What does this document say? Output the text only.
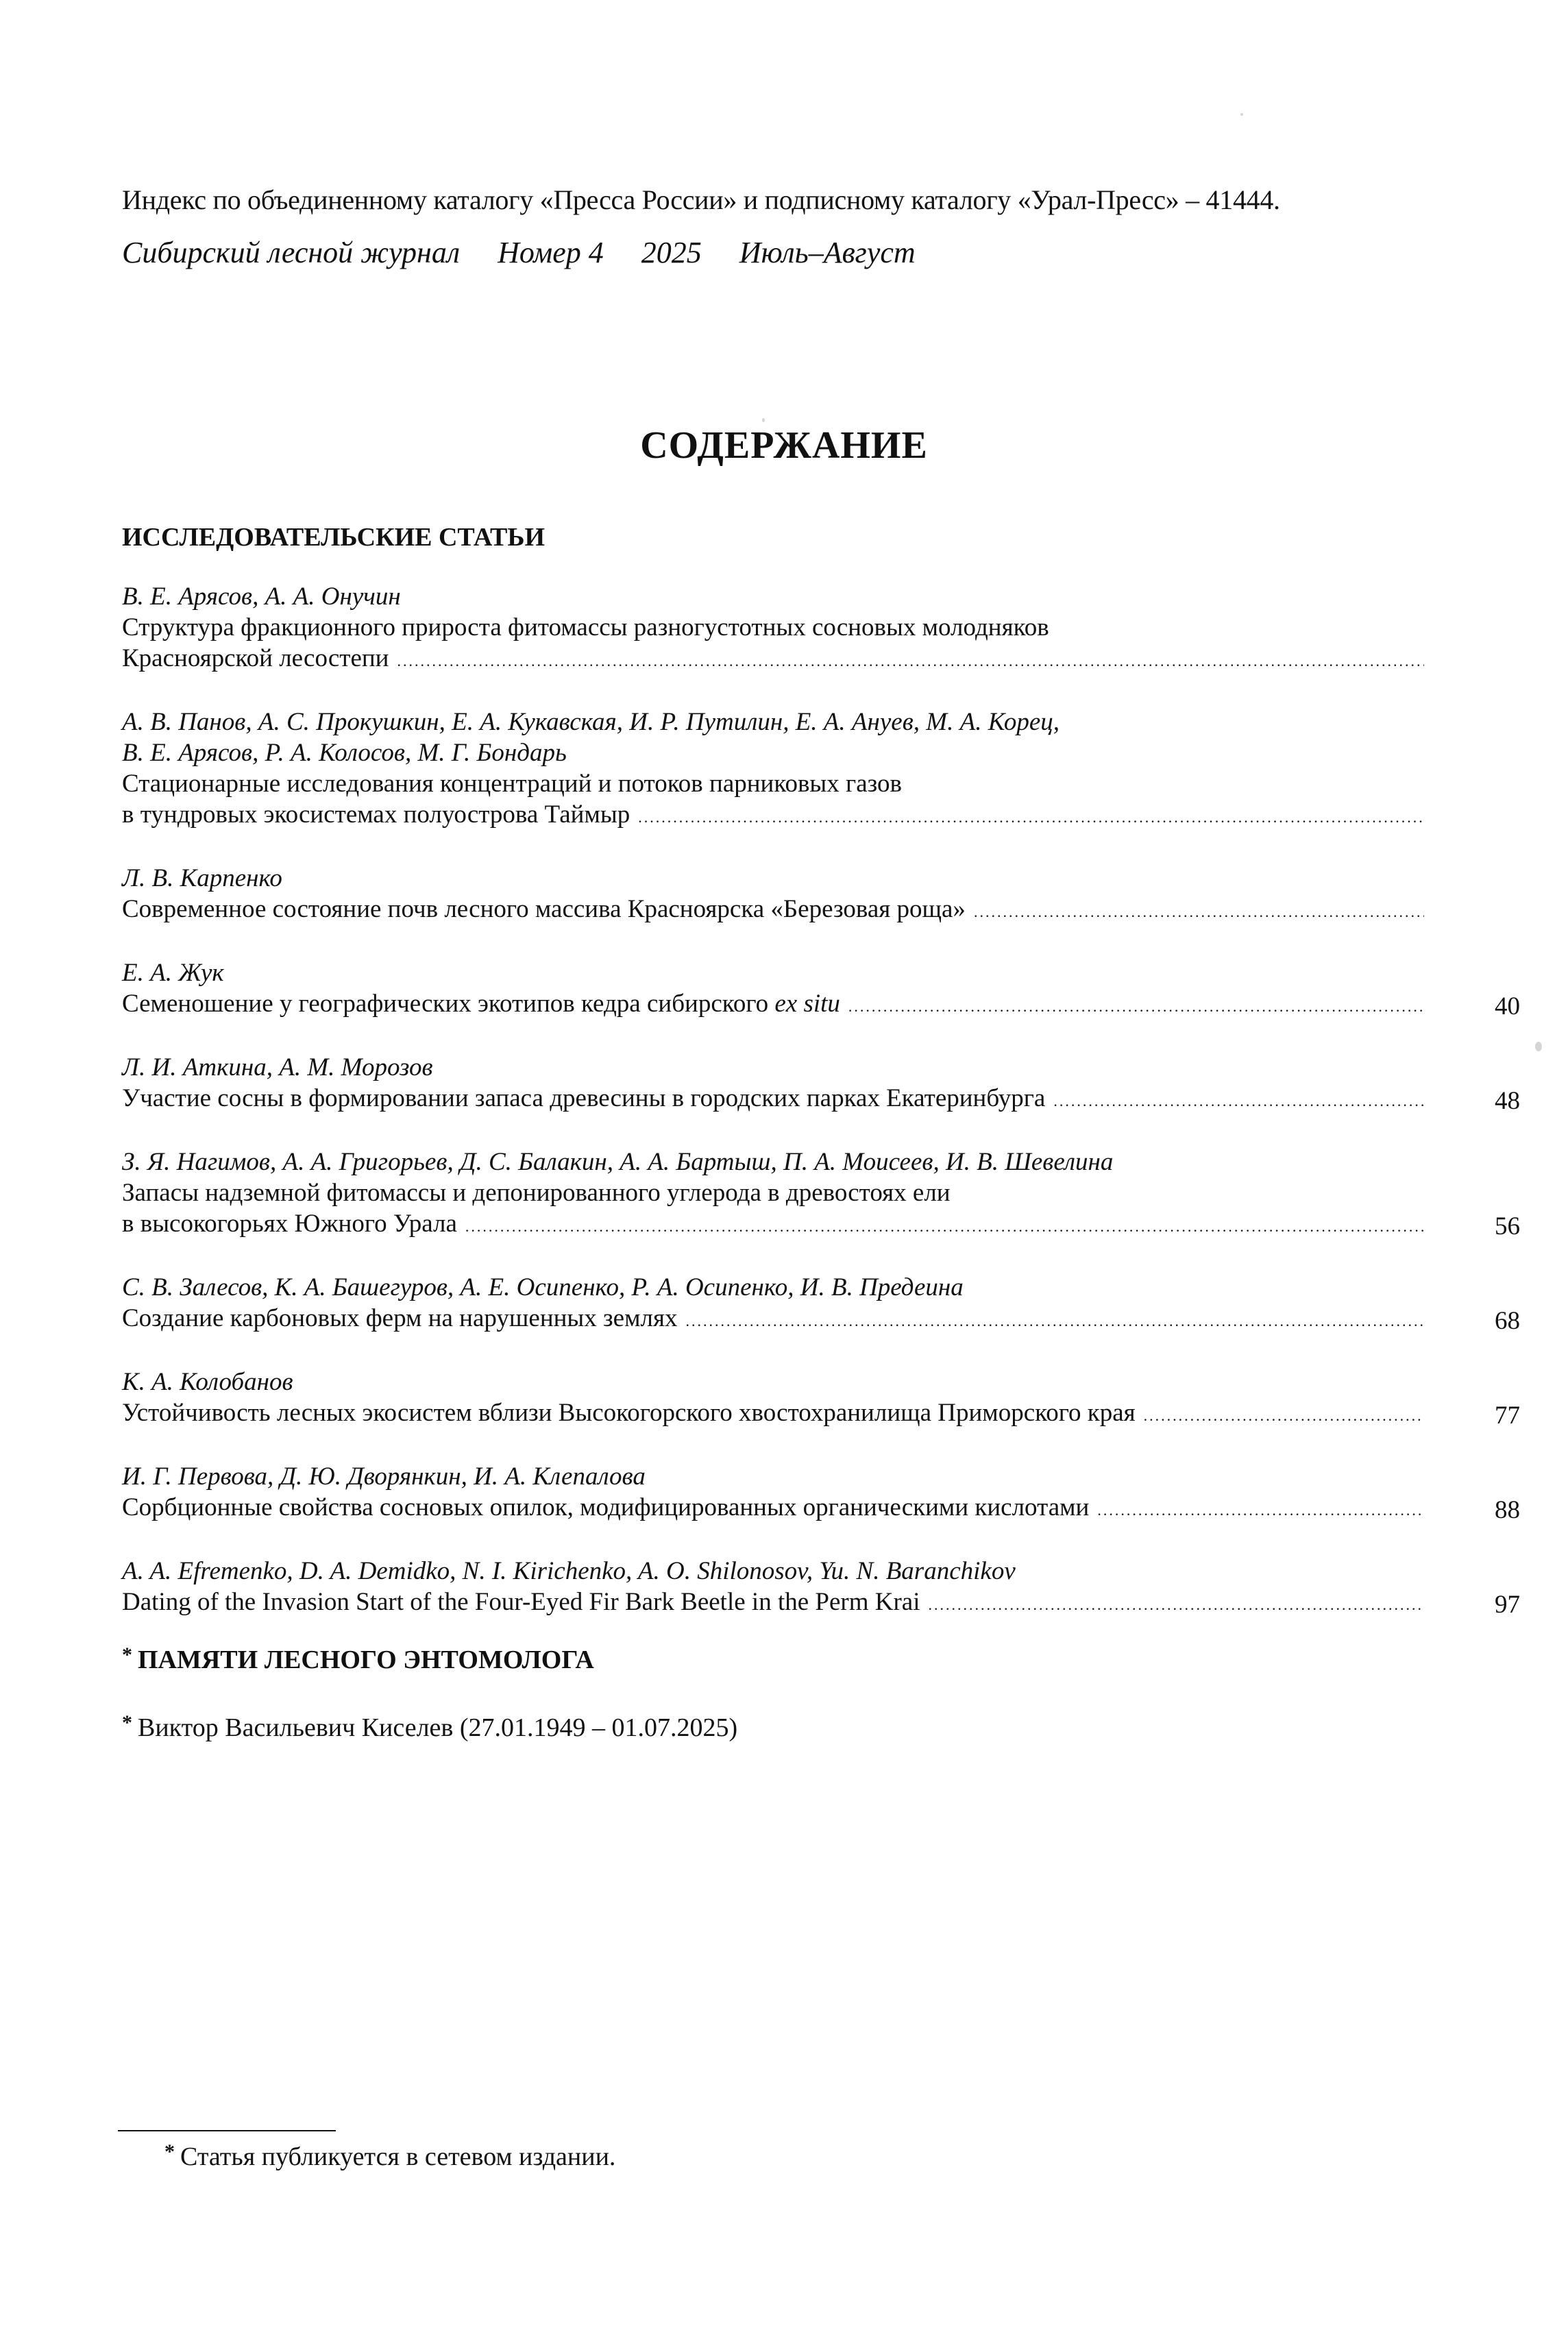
Индекс по объединенному каталогу «Пресса России» и подписному каталогу «Урал-Пресс» – 41444.
Сибирский лесной журнал Номер 4 2025 Июль–Август
СОДЕРЖАНИЕ
ИССЛЕДОВАТЕЛЬСКИЕ СТАТЬИ
В. Е. Арясов, А. А. Онучин
Структура фракционного прироста фитомассы разногустотных сосновых молодняков
Красноярской лесостепи
.....
А. В. Панов, А. С. Прокушкин, Е. А. Кукавская, И. Р. Путилин, Е. А. Ануев, М. А. Корец,
В. Е. Арясов, Р. А. Колосов, М. Г. Бондарь
Стационарные исследования концентраций и потоков парниковых газов
в тундровых экосистемах полуострова Таймыр
.....
Л. В. Карпенко
Современное состояние почв лесного массива Красноярска «Березовая роща»
.....
Е. А. Жук
Семеношение у географических экотипов кедра сибирского ex situ .....	40
Л. И. Аткина, А. М. Морозов
Участие сосны в формировании запаса древесины в городских парках Екатеринбурга .....	48
З. Я. Нагимов, А. А. Григорьев, Д. С. Балакин, А. А. Бартыш, П. А. Моисеев, И. В. Шевелина
Запасы надземной фитомассы и депонированного углерода в древостоях ели
в высокогорьях Южного Урала .....	56
С. В. Залесов, К. А. Башегуров, А. Е. Осипенко, Р. А. Осипенко, И. В. Предеина
Создание карбоновых ферм на нарушенных землях .....	68
К. А. Колобанов
Устойчивость лесных экосистем вблизи Высокогорского хвостохранилища Приморского края .....	77
И. Г. Первова, Д. Ю. Дворянкин, И. А. Клепалова
Сорбционные свойства сосновых опилок, модифицированных органическими кислотами .....	88
A. A. Efremenko, D. A. Demidko, N. I. Kirichenko, A. O. Shilonosov, Yu. N. Baranchikov
Dating of the Invasion Start of the Four-Eyed Fir Bark Beetle in the Perm Krai .....	97
* ПАМЯТИ ЛЕСНОГО ЭНТОМОЛОГА
* Виктор Васильевич Киселев (27.01.1949 – 01.07.2025)
* Статья публикуется в сетевом издании.
